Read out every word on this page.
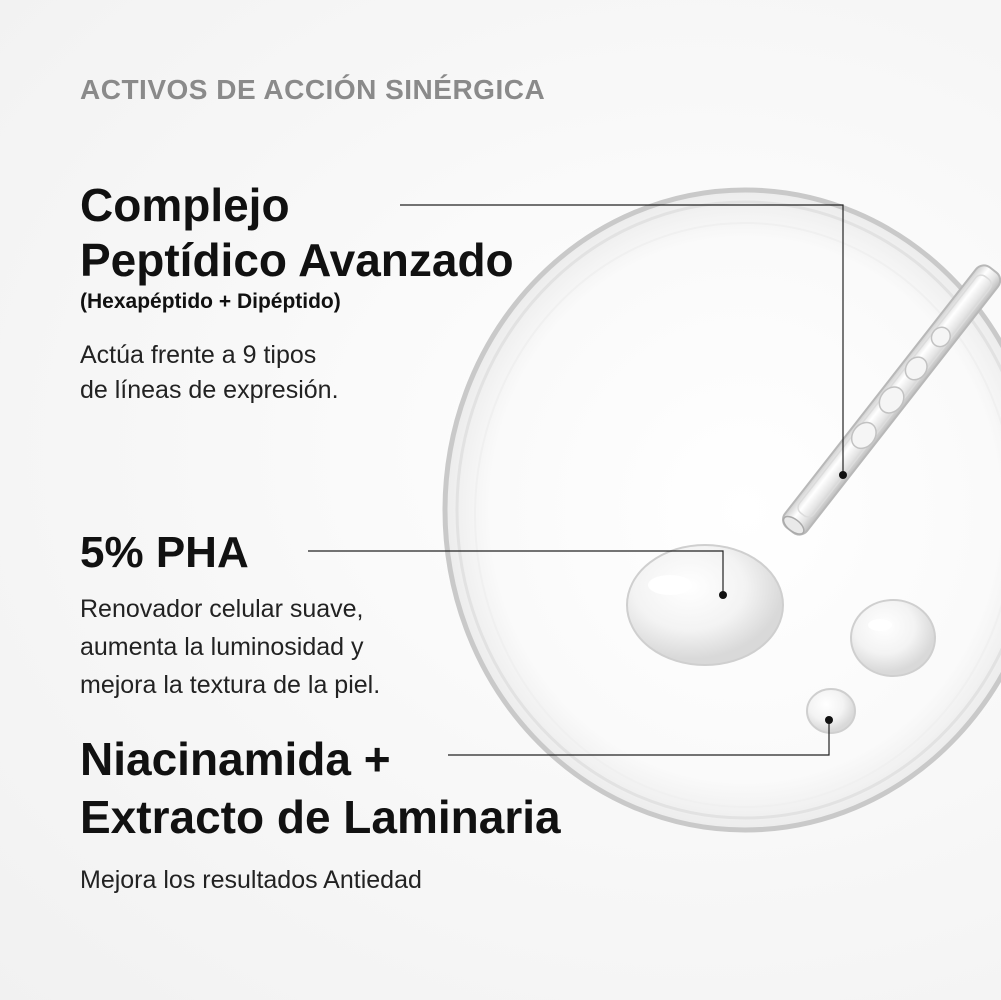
ACTIVOS DE ACCIÓN SINÉRGICA

Complejo
Peptídico Avanzado

(Hexapéptido + Dipéptido)

Actúa frente a 9 tipos
de líneas de expresión.

5% PHA

Renovador celular suave,
aumenta la luminosidad y
mejora la textura de la piel.

Niacinamida +
Extracto de Laminaria

Mejora los resultados Antiedad
